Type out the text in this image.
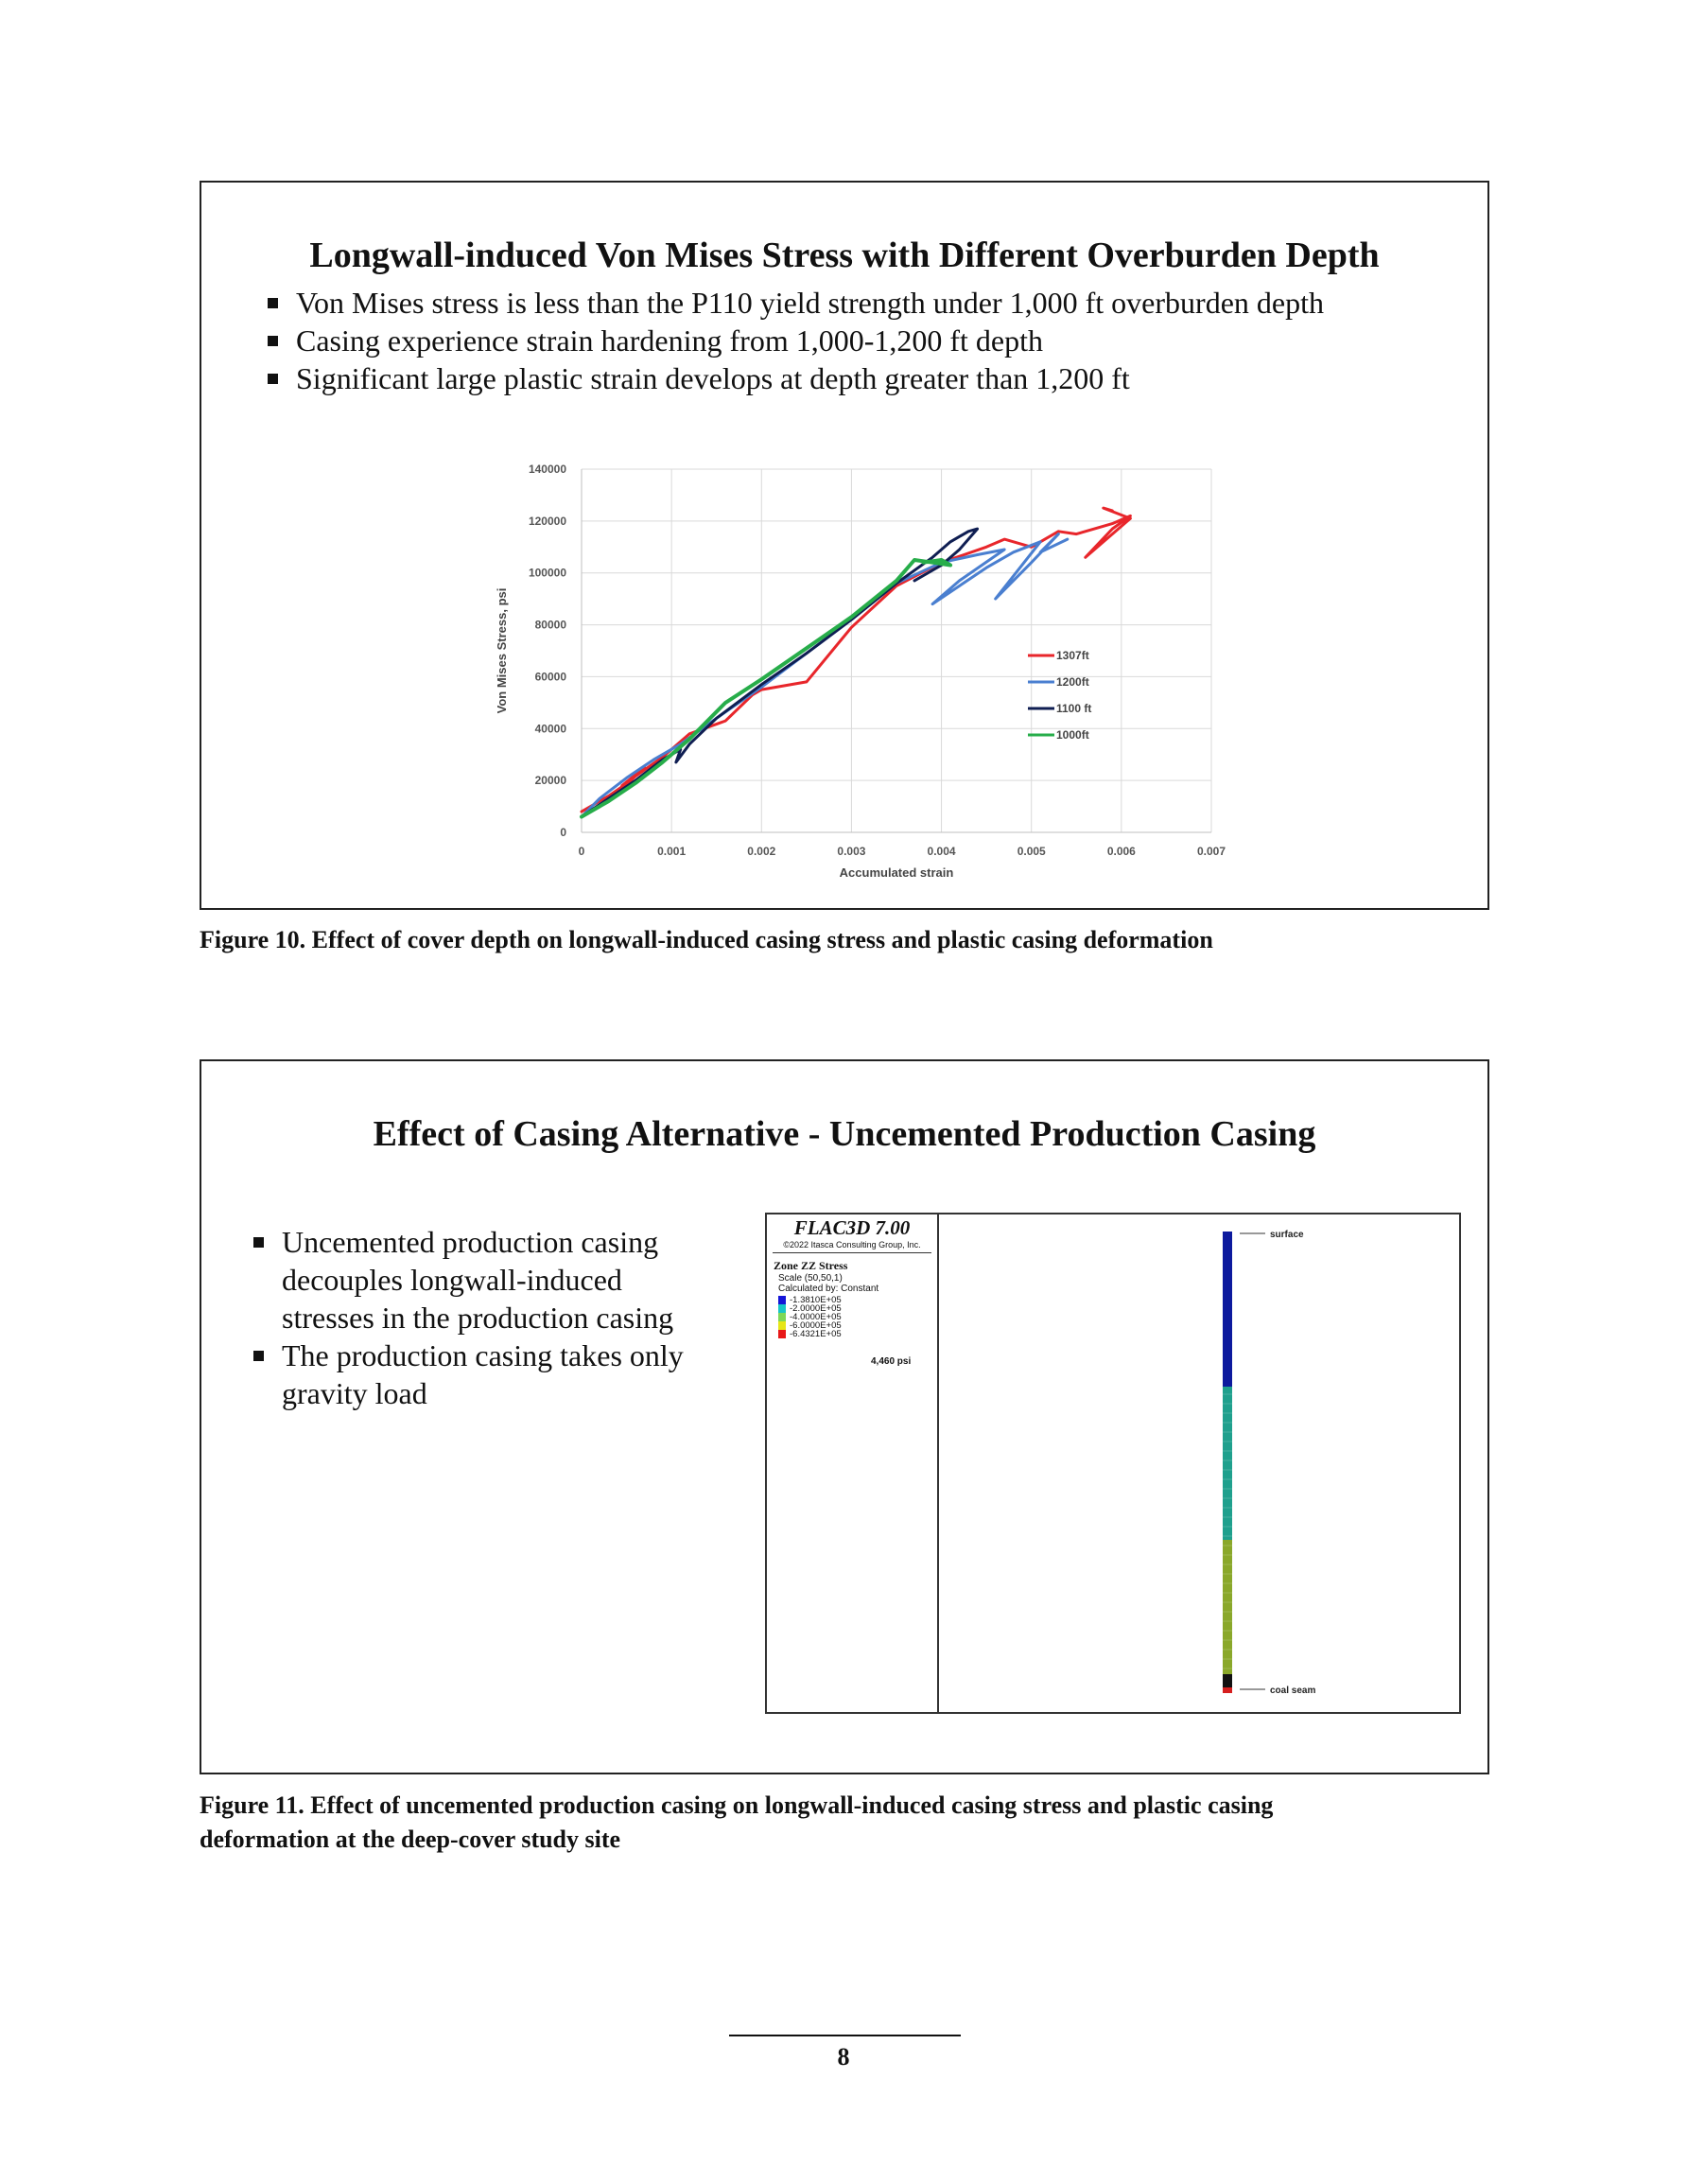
Longwall-induced Von Mises Stress with Different Overburden Depth
Von Mises stress is less than the P110 yield strength under 1,000 ft overburden depth
Casing experience strain hardening from 1,000-1,200 ft depth
Significant large plastic strain develops at depth greater than 1,200 ft
0	0.001	0.002	0.003	0.004	0.005	0.006	0.007
0
20000
40000
60000
80000
100000
120000
140000
Accumulated strain
Von Mises Stress, psi	1307ft
1200ft
1100 ft
1000ft
Figure 10. Effect of cover depth on longwall-induced casing stress and plastic casing deformation
Effect of Casing Alternative - Uncemented Production Casing
Uncemented production casing
decouples longwall-induced
stresses in the production casing
The production casing takes only
gravity load
FLAC3D 7.00
©2022 Itasca Consulting Group, Inc.
Zone ZZ Stress
Scale (50,50,1)
Calculated by: Constant
-1.3810E+05
-2.0000E+05
-4.0000E+05
-6.0000E+05
-6.4321E+05
4,460 psi
surface
coal seam
Figure 11. Effect of uncemented production casing on longwall-induced casing stress and plastic casing
deformation at the deep-cover study site
8
